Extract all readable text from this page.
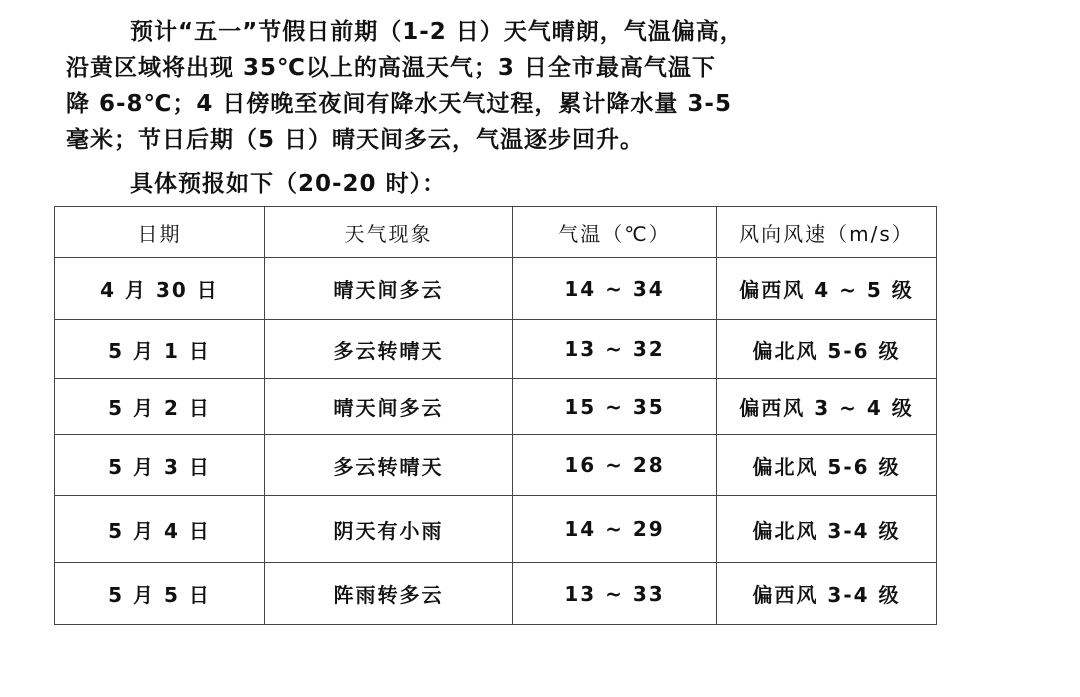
预计“五一”节假日前期（1-2 日）天气晴朗，气温偏高，
沿黄区域将出现 35℃以上的高温天气；3 日全市最高气温下
降 6-8℃；4 日傍晚至夜间有降水天气过程，累计降水量 3-5
毫米；节日后期（5 日）晴天间多云，气温逐步回升。

具体预报如下（20-20 时）：

日期	天气现象	气温（℃）	风向风速（m/s）
4 月 30 日	晴天间多云	14 ~ 34	偏西风 4 ~ 5 级
5 月 1 日	多云转晴天	13 ~ 32	偏北风 5-6 级
5 月 2 日	晴天间多云	15 ~ 35	偏西风 3 ~ 4 级
5 月 3 日	多云转晴天	16 ~ 28	偏北风 5-6 级
5 月 4 日	阴天有小雨	14 ~ 29	偏北风 3-4 级
5 月 5 日	阵雨转多云	13 ~ 33	偏西风 3-4 级
